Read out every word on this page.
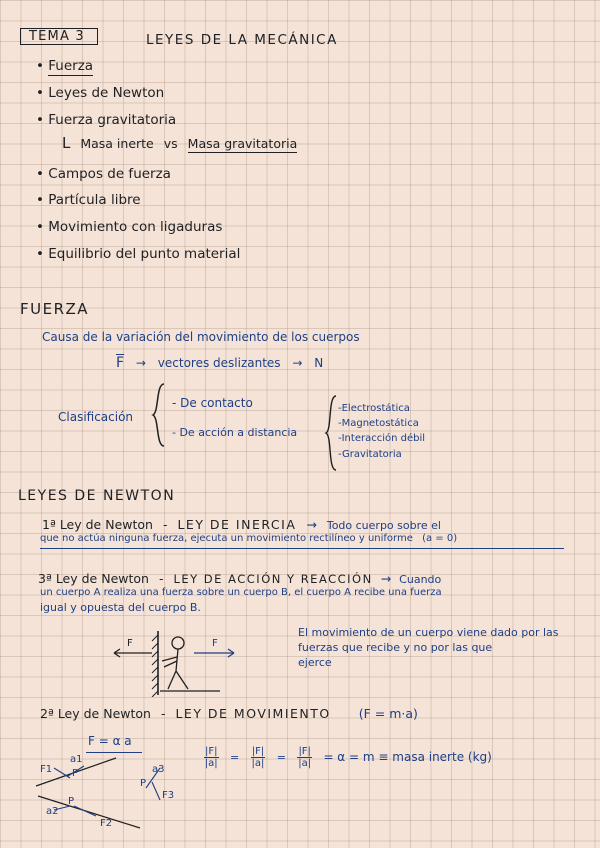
TEMA 3	LEYES DE LA MECÁNICA
• Fuerza
• Leyes de Newton
• Fuerza gravitatoria
L Masa inerte vs Masa gravitatoria
• Campos de fuerza
• Partícula libre
• Movimiento con ligaduras
• Equilibrio del punto material
FUERZA
Causa de la variación del movimiento de los cuerpos
$\overline{F}$ → vectores deslizantes → N
Clasificación
- De contacto
- De acción a distancia
-Electrostática
-Magnetostática
-Interacción débil
-Gravitatoria
LEYES DE NEWTON
1ª Ley de Newton - LEY DE INERCIA → Todo cuerpo sobre el
que no actúa ninguna fuerza, ejecuta un movimiento rectilíneo y uniforme (a = 0)
3ª Ley de Newton - LEY DE ACCIÓN Y REACCIÓN → Cuando
un cuerpo A realiza una fuerza sobre un cuerpo B, el cuerpo A recibe una fuerza
igual y opuesta del cuerpo B.
F	F
El movimiento de un cuerpo viene dado por las
fuerzas que recibe y no por las que
ejerce
2ª Ley de Newton - LEY DE MOVIMIENTO (F = m·a)
F = α a
$\frac{|F|}{|a|} = \frac{|F|}{|a|} = \frac{|F|}{|a|} = \alpha = m$ ≡ masa inerte (kg)
F1
a1
P	a3
P
F3
a2
P
F2
